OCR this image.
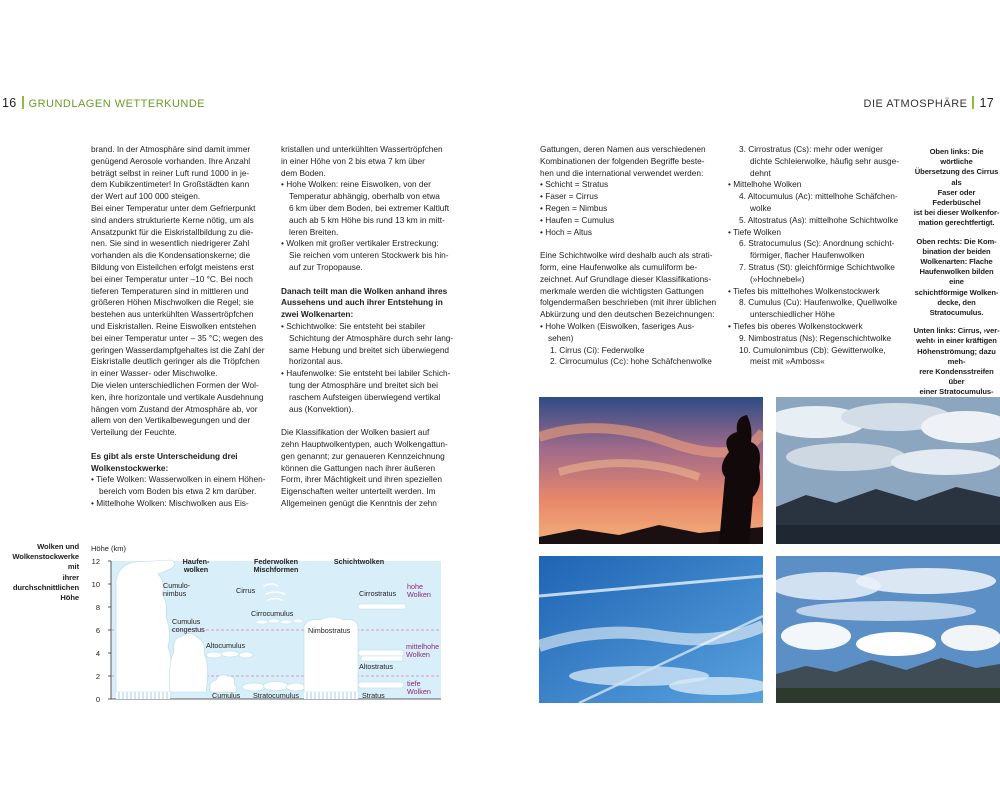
16 GRUNDLAGEN WETTERKUNDE	DIE ATMOSPHÄRE 17

brand. In der Atmosphäre sind damit immer
genügend Aerosole vorhanden. Ihre Anzahl
beträgt selbst in reiner Luft rund 1000 in je-
dem Kubikzentimeter! In Großstädten kann
der Wert auf 100 000 steigen.

Bei einer Temperatur unter dem Gefrierpunkt
sind anders strukturierte Kerne nötig, um als
Ansatzpunkt für die Eiskristallbildung zu die-
nen. Sie sind in wesentlich niedrigerer Zahl
vorhanden als die Kondensationskerne; die
Bildung von Eisteilchen erfolgt meistens erst
bei einer Temperatur unter –10 °C. Bei noch
tieferen Temperaturen sind in mittleren und
größeren Höhen Mischwolken die Regel; sie
bestehen aus unterkühlten Wassertröpfchen
und Eiskristallen. Reine Eiswolken entstehen
bei einer Temperatur unter – 35 °C; wegen des
geringen Wasserdampfgehaltes ist die Zahl der
Eiskristalle deutlich geringer als die Tröpfchen
in einer Wasser- oder Mischwolke.

Die vielen unterschiedlichen Formen der Wol-
ken, ihre horizontale und vertikale Ausdehnung
hängen vom Zustand der Atmosphäre ab, vor
allem von den Vertikalbewegungen und der
Verteilung der Feuchte.

Es gibt als erste Unterscheidung drei
Wolkenstockwerke:

• Tiefe Wolken: Wasserwolken in einem Höhen-
bereich vom Boden bis etwa 2 km darüber.
• Mittelhohe Wolken: Mischwolken aus Eis-

kristallen und unterkühlten Wassertröpfchen
in einer Höhe von 2 bis etwa 7 km über
dem Boden.

• Hohe Wolken: reine Eiswolken, von der
Temperatur abhängig, oberhalb von etwa
6 km über dem Boden, bei extremer Kaltluft
auch ab 5 km Höhe bis rund 13 km in mitt-
leren Breiten.
• Wolken mit großer vertikaler Erstreckung:
Sie reichen vom unteren Stockwerk bis hin-
auf zur Tropopause.

Danach teilt man die Wolken anhand ihres
Aussehens und auch ihrer Entstehung in
zwei Wolkenarten:

• Schichtwolke: Sie entsteht bei stabiler
Schichtung der Atmosphäre durch sehr lang-
same Hebung und breitet sich überwiegend
horizontal aus.
• Haufenwolke: Sie entsteht bei labiler Schich-
tung der Atmosphäre und breitet sich bei
raschem Aufsteigen überwiegend vertikal
aus (Konvektion).

Die Klassifikation der Wolken basiert auf
zehn Hauptwolkentypen, auch Wolkengattun-
gen genannt; zur genaueren Kennzeichnung
können die Gattungen nach ihrer äußeren
Form, ihrer Mächtigkeit und ihren speziellen
Eigenschaften weiter unterteilt werden. Im
Allgemeinen genügt die Kenntnis der zehn

Gattungen, deren Namen aus verschiedenen
Kombinationen der folgenden Begriffe beste-
hen und die international verwendet werden:

• Schicht = Stratus
• Faser = Cirrus
• Regen = Nimbus
• Haufen = Cumulus
• Hoch = Altus

Eine Schichtwolke wird deshalb auch als strati-
form, eine Haufenwolke als cumuliform be-
zeichnet. Auf Grundlage dieser Klassifikations-
merkmale werden die wichtigsten Gattungen
folgendermaßen beschrieben (mit ihrer üblichen
Abkürzung und den deutschen Bezeichnungen:

• Hohe Wolken (Eiswolken, faseriges Aus-
sehen)
1. Cirrus (Ci): Federwolke
2. Cirrocumulus (Cc): hohe Schäfchenwolke
3. Cirrostratus (Cs): mehr oder weniger
dichte Schleierwolke, häufig sehr ausge-
dehnt
• Mittelhohe Wolken
4. Altocumulus (Ac): mittelhohe Schäfchen-
wolke
5. Altostratus (As): mittelhohe Schichtwolke
• Tiefe Wolken
6. Stratocumulus (Sc): Anordnung schicht-
förmiger, flacher Haufenwolken
7. Stratus (St): gleichförmige Schichtwolke
(»Hochnebel«)
• Tiefes bis mittelhohes Wolkenstockwerk
8. Cumulus (Cu): Haufenwolke, Quellwolke
unterschiedlicher Höhe
• Tiefes bis oberes Wolkenstockwerk
9. Nimbostratus (Ns): Regenschichtwolke
10. Cumulonimbus (Cb): Gewitterwolke,
meist mit »Amboss«

Oben links: Die wörtliche
Übersetzung des Cirrus als
Faser oder Federbüschel
ist bei dieser Wolkenfor-
mation gerechtfertigt.

Oben rechts: Die Kom-
bination der beiden
Wolkenarten: Flache
Haufenwolken bilden eine
schichtförmige Wolken-
decke, den Stratocumulus.

Unten links: Cirrus, ›ver-
weht‹ in einer kräftigen
Höhenströmung; dazu meh-
rere Kondensstreifen über
einer Stratocumulus-

Wolken und
Wolkenstockwerke mit
ihrer durchschnittlichen
Höhe
Höhe (km)
12
10
8
6
4
2
0
Haufen-
wolken
Federwolken
Mischformen
Schichtwolken
Cumulo-
nimbus
Cumulus
congestus
Cirrus
Cirrocumulus
Altocumulus
Nimbostratus
Cirrostratus
Altostratus
Cumulus Stratocumulus	Stratus
hohe
Wolken
mittelhohe
Wolken
tiefe
Wolken
